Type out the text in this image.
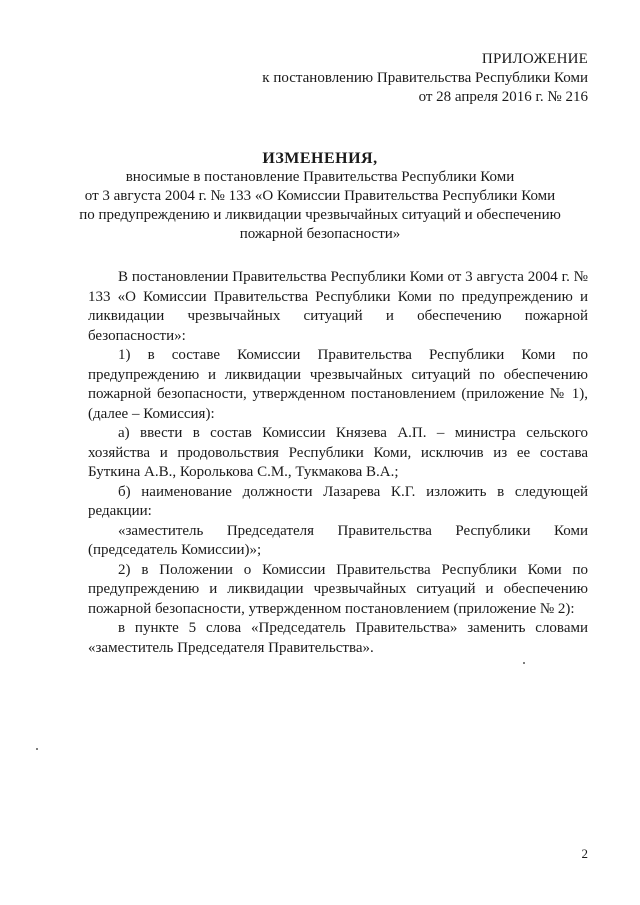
ПРИЛОЖЕНИЕ
к постановлению Правительства Республики Коми
от 28 апреля 2016 г. № 216
ИЗМЕНЕНИЯ,
вносимые в постановление Правительства Республики Коми
от 3 августа 2004 г. № 133 «О Комиссии Правительства Республики Коми
по предупреждению и ликвидации чрезвычайных ситуаций и обеспечению
пожарной безопасности»

В постановлении Правительства Республики Коми от 3 августа 2004 г. № 133 «О Комиссии Правительства Республики Коми по предупреждению и ликвидации чрезвычайных ситуаций и обеспечению пожарной безопасности»:

1) в составе Комиссии Правительства Республики Коми по предупреждению и ликвидации чрезвычайных ситуаций по обеспечению пожарной безопасности, утвержденном постановлением (приложение № 1), (далее – Комиссия):

а) ввести в состав Комиссии Князева А.П. – министра сельского хозяйства и продовольствия Республики Коми, исключив из ее состава Буткина А.В., Королькова С.М., Тукмакова В.А.;

б) наименование должности Лазарева К.Г. изложить в следующей редакции:

«заместитель Председателя Правительства Республики Коми (председатель Комиссии)»;

2) в Положении о Комиссии Правительства Республики Коми по предупреждению и ликвидации чрезвычайных ситуаций и обеспечению пожарной безопасности, утвержденном постановлением (приложение № 2):

в пункте 5 слова «Председатель Правительства» заменить словами «заместитель Председателя Правительства».

2
